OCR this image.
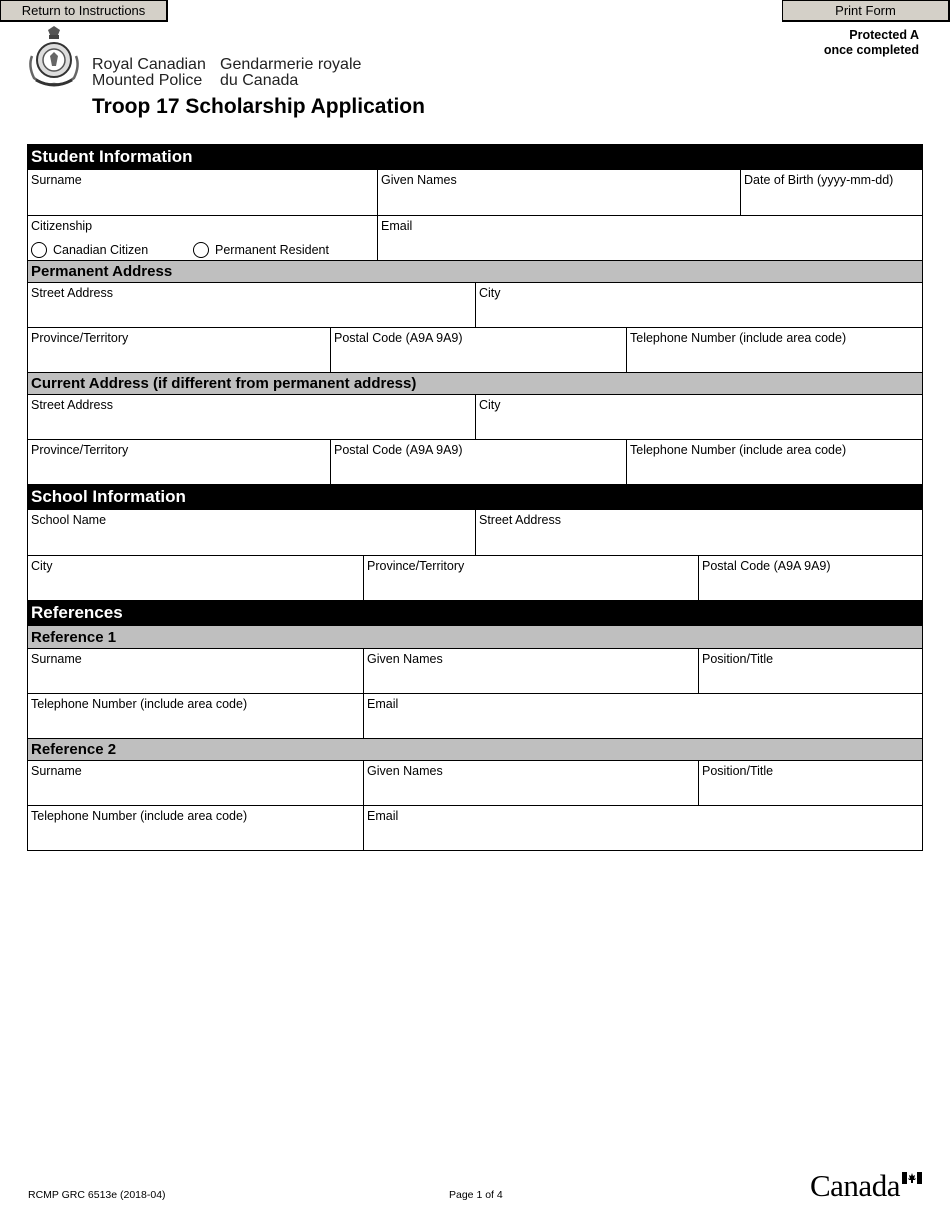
Return to Instructions	Print Form
Protected A
once completed
Royal Canadian
Mounted Police
Gendarmerie royale
du Canada
Troop 17 Scholarship Application
Student Information
Surname	Given Names	Date of Birth (yyyy-mm-dd)
Citizenship
Canadian Citizen	Permanent Resident
Email
Permanent Address
Street Address	City
Province/Territory	Postal Code (A9A 9A9)	Telephone Number (include area code)
Current Address (if different from permanent address)
Street Address	City
Province/Territory	Postal Code (A9A 9A9)	Telephone Number (include area code)
School Information
School Name	Street Address
City	Province/Territory	Postal Code (A9A 9A9)
References
Reference 1
Surname	Given Names	Position/Title
Telephone Number (include area code)	Email
Reference 2
Surname	Given Names	Position/Title
Telephone Number (include area code)	Email
RCMP GRC 6513e (2018-04)	Page 1 of 4	Canada
